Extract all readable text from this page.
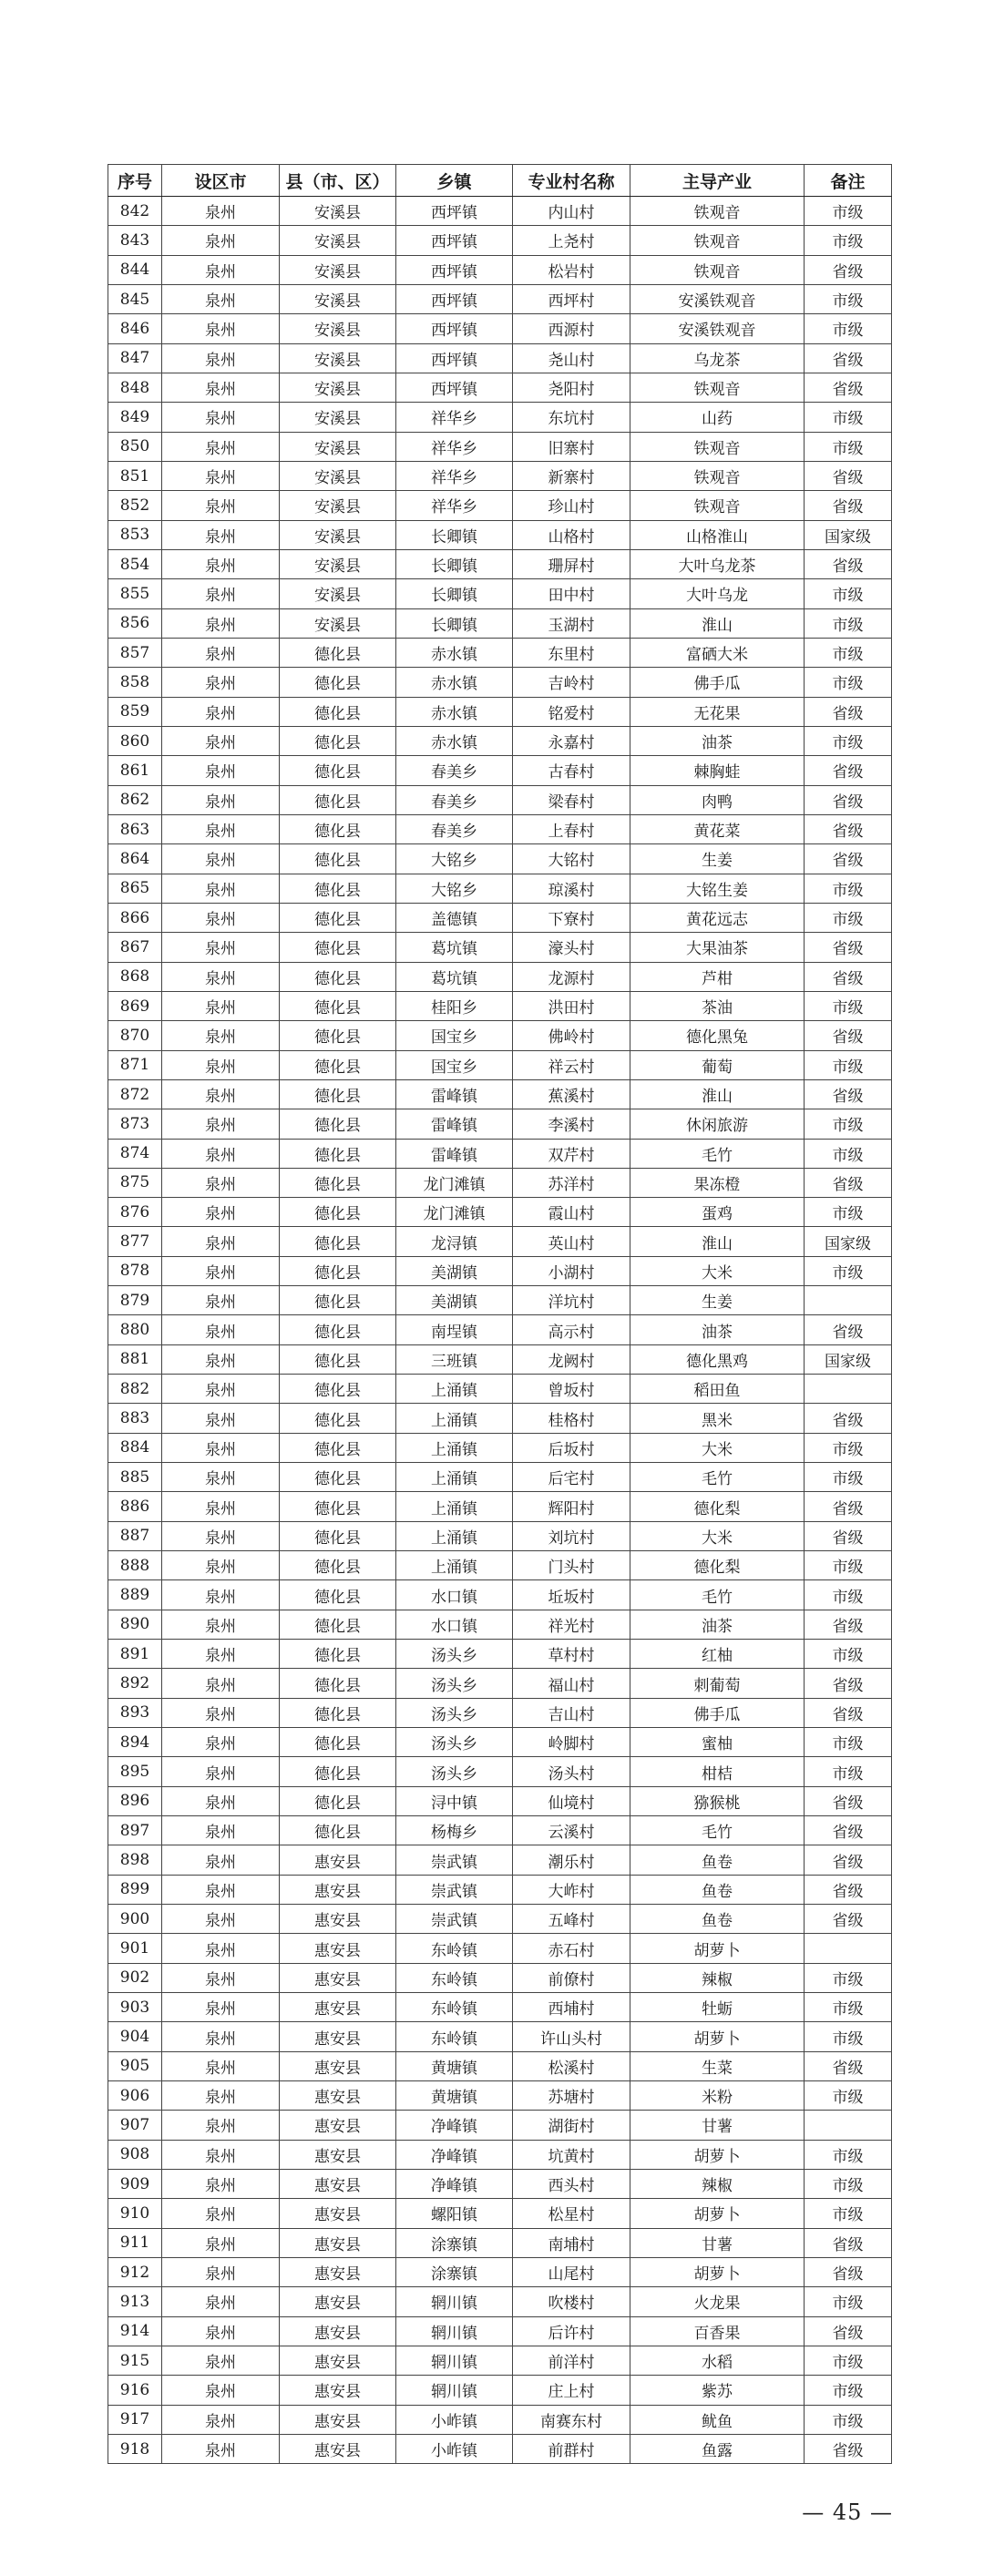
序号	设区市	县（市、区）	乡镇	专业村名称	主导产业	备注
842	泉州	安溪县	西坪镇	内山村	铁观音	市级
843	泉州	安溪县	西坪镇	上尧村	铁观音	市级
844	泉州	安溪县	西坪镇	松岩村	铁观音	省级
845	泉州	安溪县	西坪镇	西坪村	安溪铁观音	市级
846	泉州	安溪县	西坪镇	西源村	安溪铁观音	市级
847	泉州	安溪县	西坪镇	尧山村	乌龙茶	省级
848	泉州	安溪县	西坪镇	尧阳村	铁观音	省级
849	泉州	安溪县	祥华乡	东坑村	山药	市级
850	泉州	安溪县	祥华乡	旧寨村	铁观音	市级
851	泉州	安溪县	祥华乡	新寨村	铁观音	省级
852	泉州	安溪县	祥华乡	珍山村	铁观音	省级
853	泉州	安溪县	长卿镇	山格村	山格淮山	国家级
854	泉州	安溪县	长卿镇	珊屏村	大叶乌龙茶	省级
855	泉州	安溪县	长卿镇	田中村	大叶乌龙	市级
856	泉州	安溪县	长卿镇	玉湖村	淮山	市级
857	泉州	德化县	赤水镇	东里村	富硒大米	市级
858	泉州	德化县	赤水镇	吉岭村	佛手瓜	市级
859	泉州	德化县	赤水镇	铭爱村	无花果	省级
860	泉州	德化县	赤水镇	永嘉村	油茶	市级
861	泉州	德化县	春美乡	古春村	棘胸蛙	省级
862	泉州	德化县	春美乡	梁春村	肉鸭	省级
863	泉州	德化县	春美乡	上春村	黄花菜	省级
864	泉州	德化县	大铭乡	大铭村	生姜	省级
865	泉州	德化县	大铭乡	琼溪村	大铭生姜	市级
866	泉州	德化县	盖德镇	下寮村	黄花远志	市级
867	泉州	德化县	葛坑镇	濠头村	大果油茶	省级
868	泉州	德化县	葛坑镇	龙源村	芦柑	省级
869	泉州	德化县	桂阳乡	洪田村	茶油	市级
870	泉州	德化县	国宝乡	佛岭村	德化黑兔	省级
871	泉州	德化县	国宝乡	祥云村	葡萄	市级
872	泉州	德化县	雷峰镇	蕉溪村	淮山	省级
873	泉州	德化县	雷峰镇	李溪村	休闲旅游	市级
874	泉州	德化县	雷峰镇	双芹村	毛竹	市级
875	泉州	德化县	龙门滩镇	苏洋村	果冻橙	省级
876	泉州	德化县	龙门滩镇	霞山村	蛋鸡	市级
877	泉州	德化县	龙浔镇	英山村	淮山	国家级
878	泉州	德化县	美湖镇	小湖村	大米	市级
879	泉州	德化县	美湖镇	洋坑村	生姜	
880	泉州	德化县	南埕镇	高示村	油茶	省级
881	泉州	德化县	三班镇	龙阙村	德化黑鸡	国家级
882	泉州	德化县	上涌镇	曾坂村	稻田鱼	
883	泉州	德化县	上涌镇	桂格村	黑米	省级
884	泉州	德化县	上涌镇	后坂村	大米	市级
885	泉州	德化县	上涌镇	后宅村	毛竹	市级
886	泉州	德化县	上涌镇	辉阳村	德化梨	省级
887	泉州	德化县	上涌镇	刘坑村	大米	省级
888	泉州	德化县	上涌镇	门头村	德化梨	市级
889	泉州	德化县	水口镇	坵坂村	毛竹	市级
890	泉州	德化县	水口镇	祥光村	油茶	省级
891	泉州	德化县	汤头乡	草村村	红柚	市级
892	泉州	德化县	汤头乡	福山村	刺葡萄	省级
893	泉州	德化县	汤头乡	吉山村	佛手瓜	省级
894	泉州	德化县	汤头乡	岭脚村	蜜柚	市级
895	泉州	德化县	汤头乡	汤头村	柑桔	市级
896	泉州	德化县	浔中镇	仙境村	猕猴桃	省级
897	泉州	德化县	杨梅乡	云溪村	毛竹	省级
898	泉州	惠安县	崇武镇	潮乐村	鱼卷	省级
899	泉州	惠安县	崇武镇	大岞村	鱼卷	省级
900	泉州	惠安县	崇武镇	五峰村	鱼卷	省级
901	泉州	惠安县	东岭镇	赤石村	胡萝卜	
902	泉州	惠安县	东岭镇	前僚村	辣椒	市级
903	泉州	惠安县	东岭镇	西埔村	牡蛎	市级
904	泉州	惠安县	东岭镇	许山头村	胡萝卜	市级
905	泉州	惠安县	黄塘镇	松溪村	生菜	省级
906	泉州	惠安县	黄塘镇	苏塘村	米粉	市级
907	泉州	惠安县	净峰镇	湖街村	甘薯	
908	泉州	惠安县	净峰镇	坑黄村	胡萝卜	市级
909	泉州	惠安县	净峰镇	西头村	辣椒	市级
910	泉州	惠安县	螺阳镇	松星村	胡萝卜	市级
911	泉州	惠安县	涂寨镇	南埔村	甘薯	省级
912	泉州	惠安县	涂寨镇	山尾村	胡萝卜	省级
913	泉州	惠安县	辋川镇	吹楼村	火龙果	市级
914	泉州	惠安县	辋川镇	后许村	百香果	省级
915	泉州	惠安县	辋川镇	前洋村	水稻	市级
916	泉州	惠安县	辋川镇	庄上村	紫苏	市级
917	泉州	惠安县	小岞镇	南赛东村	鱿鱼	市级
918	泉州	惠安县	小岞镇	前群村	鱼露	省级
— 45 —
